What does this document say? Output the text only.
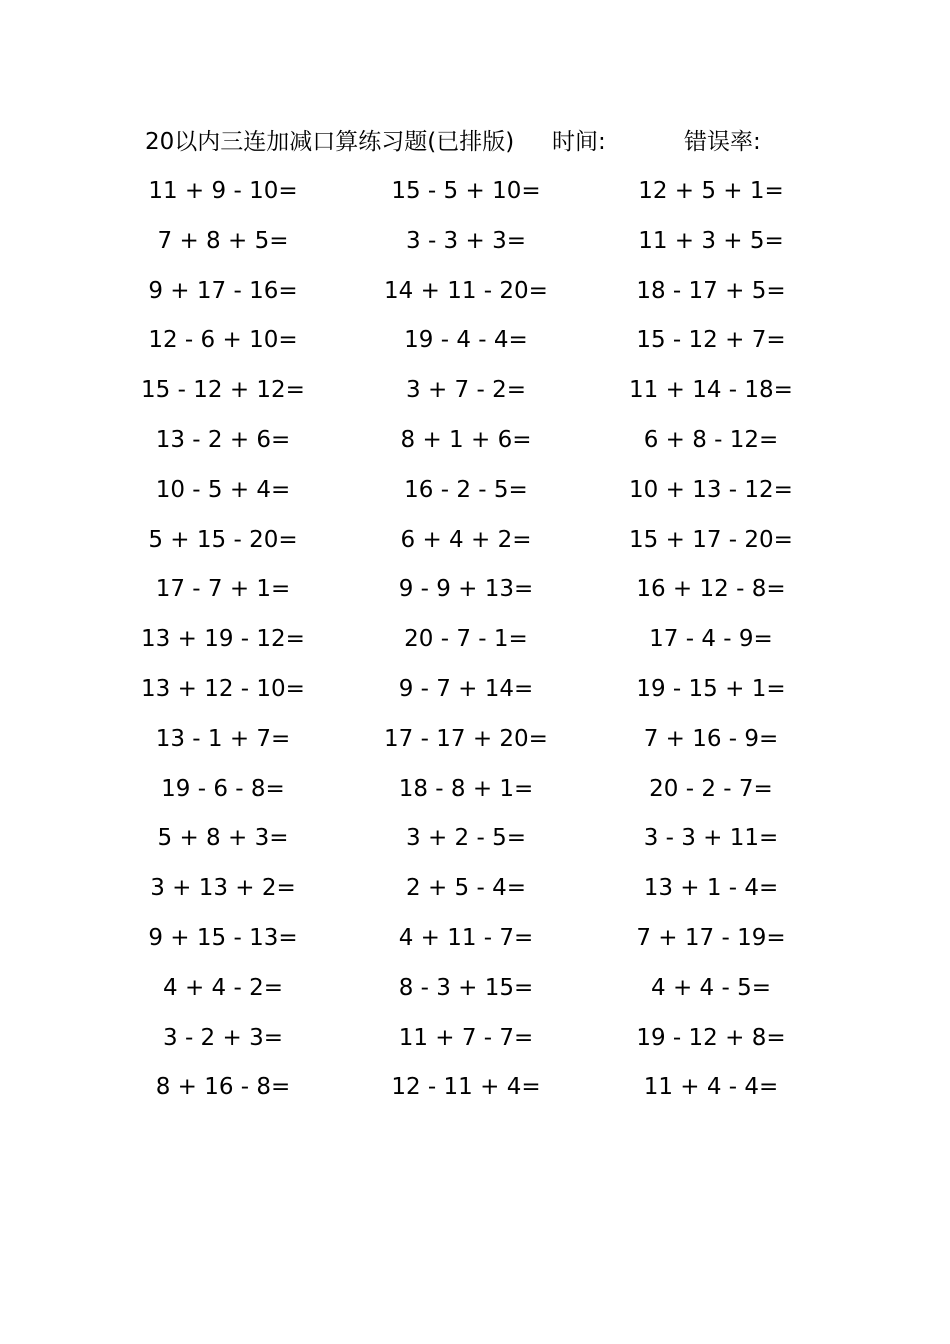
20以内三连加减口算练习题(已排版) 时间:	错误率:
11 + 9 - 10=	15 - 5 + 10=	12 + 5 + 1=
7 + 8 + 5=	3 - 3 + 3=	11 + 3 + 5=
9 + 17 - 16=	14 + 11 - 20=	18 - 17 + 5=
12 - 6 + 10=	19 - 4 - 4=	15 - 12 + 7=
15 - 12 + 12=	3 + 7 - 2=	11 + 14 - 18=
13 - 2 + 6=	8 + 1 + 6=	6 + 8 - 12=
10 - 5 + 4=	16 - 2 - 5=	10 + 13 - 12=
5 + 15 - 20=	6 + 4 + 2=	15 + 17 - 20=
17 - 7 + 1=	9 - 9 + 13=	16 + 12 - 8=
13 + 19 - 12=	20 - 7 - 1=	17 - 4 - 9=
13 + 12 - 10=	9 - 7 + 14=	19 - 15 + 1=
13 - 1 + 7=	17 - 17 + 20=	7 + 16 - 9=
19 - 6 - 8=	18 - 8 + 1=	20 - 2 - 7=
5 + 8 + 3=	3 + 2 - 5=	3 - 3 + 11=
3 + 13 + 2=	2 + 5 - 4=	13 + 1 - 4=
9 + 15 - 13=	4 + 11 - 7=	7 + 17 - 19=
4 + 4 - 2=	8 - 3 + 15=	4 + 4 - 5=
3 - 2 + 3=	11 + 7 - 7=	19 - 12 + 8=
8 + 16 - 8=	12 - 11 + 4=	11 + 4 - 4=
